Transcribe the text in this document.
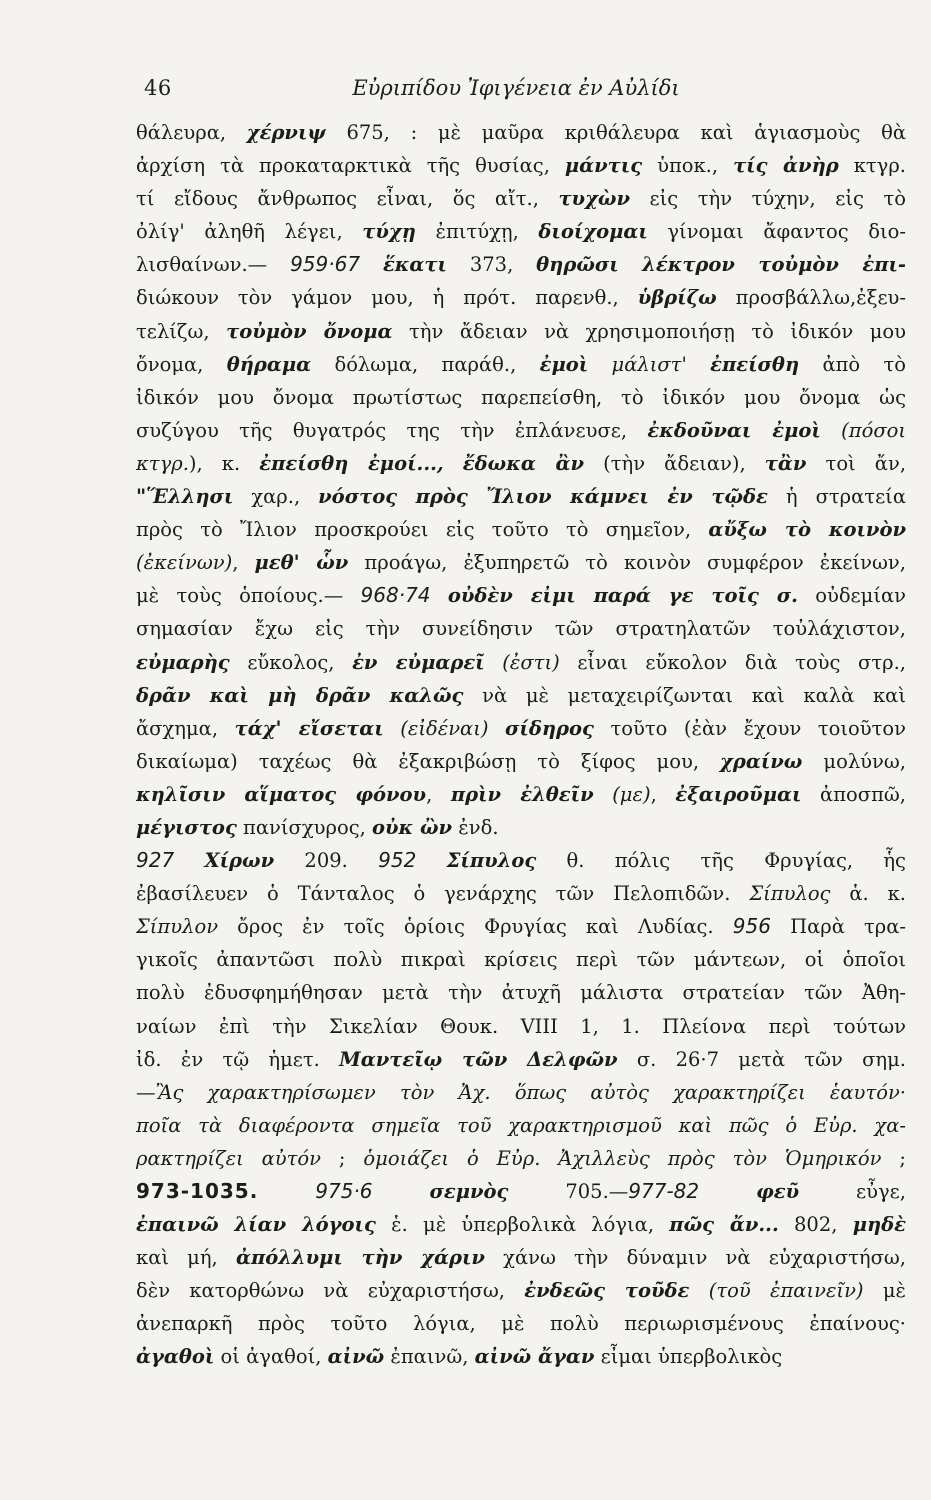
46	Εὐριπίδου Ἰφιγένεια ἐν Αὐλίδι
θάλευρα, χέρνιψ 675, : μὲ μαῦρα κριθάλευρα καὶ ἁγιασμοὺς θὰ
ἀρχίση τὰ προκαταρκτικὰ τῆς θυσίας, μάντις ὑποκ., τίς ἀνὴρ κτγρ.
τί εἴδους ἄνθρωπος εἶναι, ὅς αἴτ., τυχὼν εἰς τὴν τύχην, εἰς τὸ
ὀλίγ' ἀληθῆ λέγει, τύχῃ ἐπιτύχῃ, διοίχομαι γίνομαι ἄφαντος διο-
λισθαίνων.— 959·67 ἕκατι 373, θηρῶσι λέκτρον τοὐμὸν ἐπι-
διώκουν τὸν γάμον μου, ἡ πρότ. παρενθ., ὑβρίζω προσβάλλω,ἐξευ-
τελίζω, τοὐμὸν ὄνομα τὴν ἄδειαν νὰ χρησιμοποιήσῃ τὸ ἰδικόν μου
ὄνομα, θήραμα δόλωμα, παράθ., ἐμοὶ μάλιστ' ἐπείσθη ἀπὸ τὸ
ἰδικόν μου ὄνομα πρωτίστως παρεπείσθη, τὸ ἰδικόν μου ὄνομα ὡς
συζύγου τῆς θυγατρός της τὴν ἐπλάνευσε, ἐκδοῦναι ἐμοὶ (πόσοι
κτγρ.), κ. ἐπείσθη ἐμοί..., ἔδωκα ἂν (τὴν ἄδειαν), τἂν τοὶ ἄν,
"Ἕλλησι χαρ., νόστος πρὸς Ἴλιον κάμνει ἐν τῷδε ἡ στρατεία
πρὸς τὸ Ἴλιον προσκρούει εἰς τοῦτο τὸ σημεῖον, αὔξω τὸ κοινὸν
(ἐκείνων), μεθ' ὧν προάγω, ἐξυπηρετῶ τὸ κοινὸν συμφέρον ἐκείνων,
μὲ τοὺς ὁποίους.— 968·74 οὐδὲν εἰμι παρά γε τοῖς σ. οὐδεμίαν
σημασίαν ἔχω εἰς τὴν συνείδησιν τῶν στρατηλατῶν τοὐλάχιστον,
εὐμαρὴς εὔκολος, ἐν εὐμαρεῖ (ἐστι) εἶναι εὔκολον διὰ τοὺς στρ.,
δρᾶν καὶ μὴ δρᾶν καλῶς νὰ μὲ μεταχειρίζωνται καὶ καλὰ καὶ
ἄσχημα, τάχ' εἴσεται (εἰδέναι) σίδηρος τοῦτο (ἐὰν ἔχουν τοιοῦτον
δικαίωμα) ταχέως θὰ ἐξακριβώσῃ τὸ ξίφος μου, χραίνω μολύνω,
κηλῖσιν αἵματος φόνου, πρὶν ἐλθεῖν (με), ἐξαιροῦμαι ἀποσπῶ,
μέγιστος πανίσχυρος, οὐκ ὢν ἐνδ.
927 Χίρων 209. 952 Σίπυλος θ. πόλις τῆς Φρυγίας, ἧς
ἐβασίλευεν ὁ Τάνταλος ὁ γενάρχης τῶν Πελοπιδῶν. Σίπυλος ἁ. κ.
Σίπυλον ὄρος ἐν τοῖς ὁρίοις Φρυγίας καὶ Λυδίας. 956 Παρὰ τρα-
γικοῖς ἀπαντῶσι πολὺ πικραὶ κρίσεις περὶ τῶν μάντεων, οἱ ὁποῖοι
πολὺ ἐδυσφημήθησαν μετὰ τὴν ἀτυχῆ μάλιστα στρατείαν τῶν Ἀθη-
ναίων ἐπὶ τὴν Σικελίαν Θουκ. VIII 1, 1. Πλείονα περὶ τούτων
ἰδ. ἐν τῷ ἡμετ. Μαντεῖῳ τῶν Δελφῶν σ. 26·7 μετὰ τῶν σημ.
—Ἂς χαρακτηρίσωμεν τὸν Ἀχ. ὅπως αὐτὸς χαρακτηρίζει ἑαυτόν·
ποῖα τὰ διαφέροντα σημεῖα τοῦ χαρακτηρισμοῦ καὶ πῶς ὁ Εὐρ. χα-
ρακτηρίζει αὐτόν ; ὁμοιάζει ὁ Εὐρ. Ἀχιλλεὺς πρὸς τὸν Ὁμηρικόν ;
973-1035.	975·6	σεμνὸς 705.—977-82	φεῦ εὖγε,
ἐπαινῶ λίαν λόγοις ἑ. μὲ ὑπερβολικὰ λόγια, πῶς ἄν... 802, μηδὲ
καὶ μή, ἀπόλλυμι τὴν χάριν χάνω τὴν δύναμιν νὰ εὐχαριστήσω,
δὲν κατορθώνω νὰ εὐχαριστήσω, ἐνδεῶς τοῦδε (τοῦ ἐπαινεῖν) μὲ
ἀνεπαρκῆ πρὸς τοῦτο λόγια, μὲ πολὺ περιωρισμένους ἐπαίνους·
ἀγαθοὶ οἱ ἀγαθοί, αἰνῶ ἐπαινῶ, αἰνῶ ἄγαν εἶμαι ὑπερβολικὸς
